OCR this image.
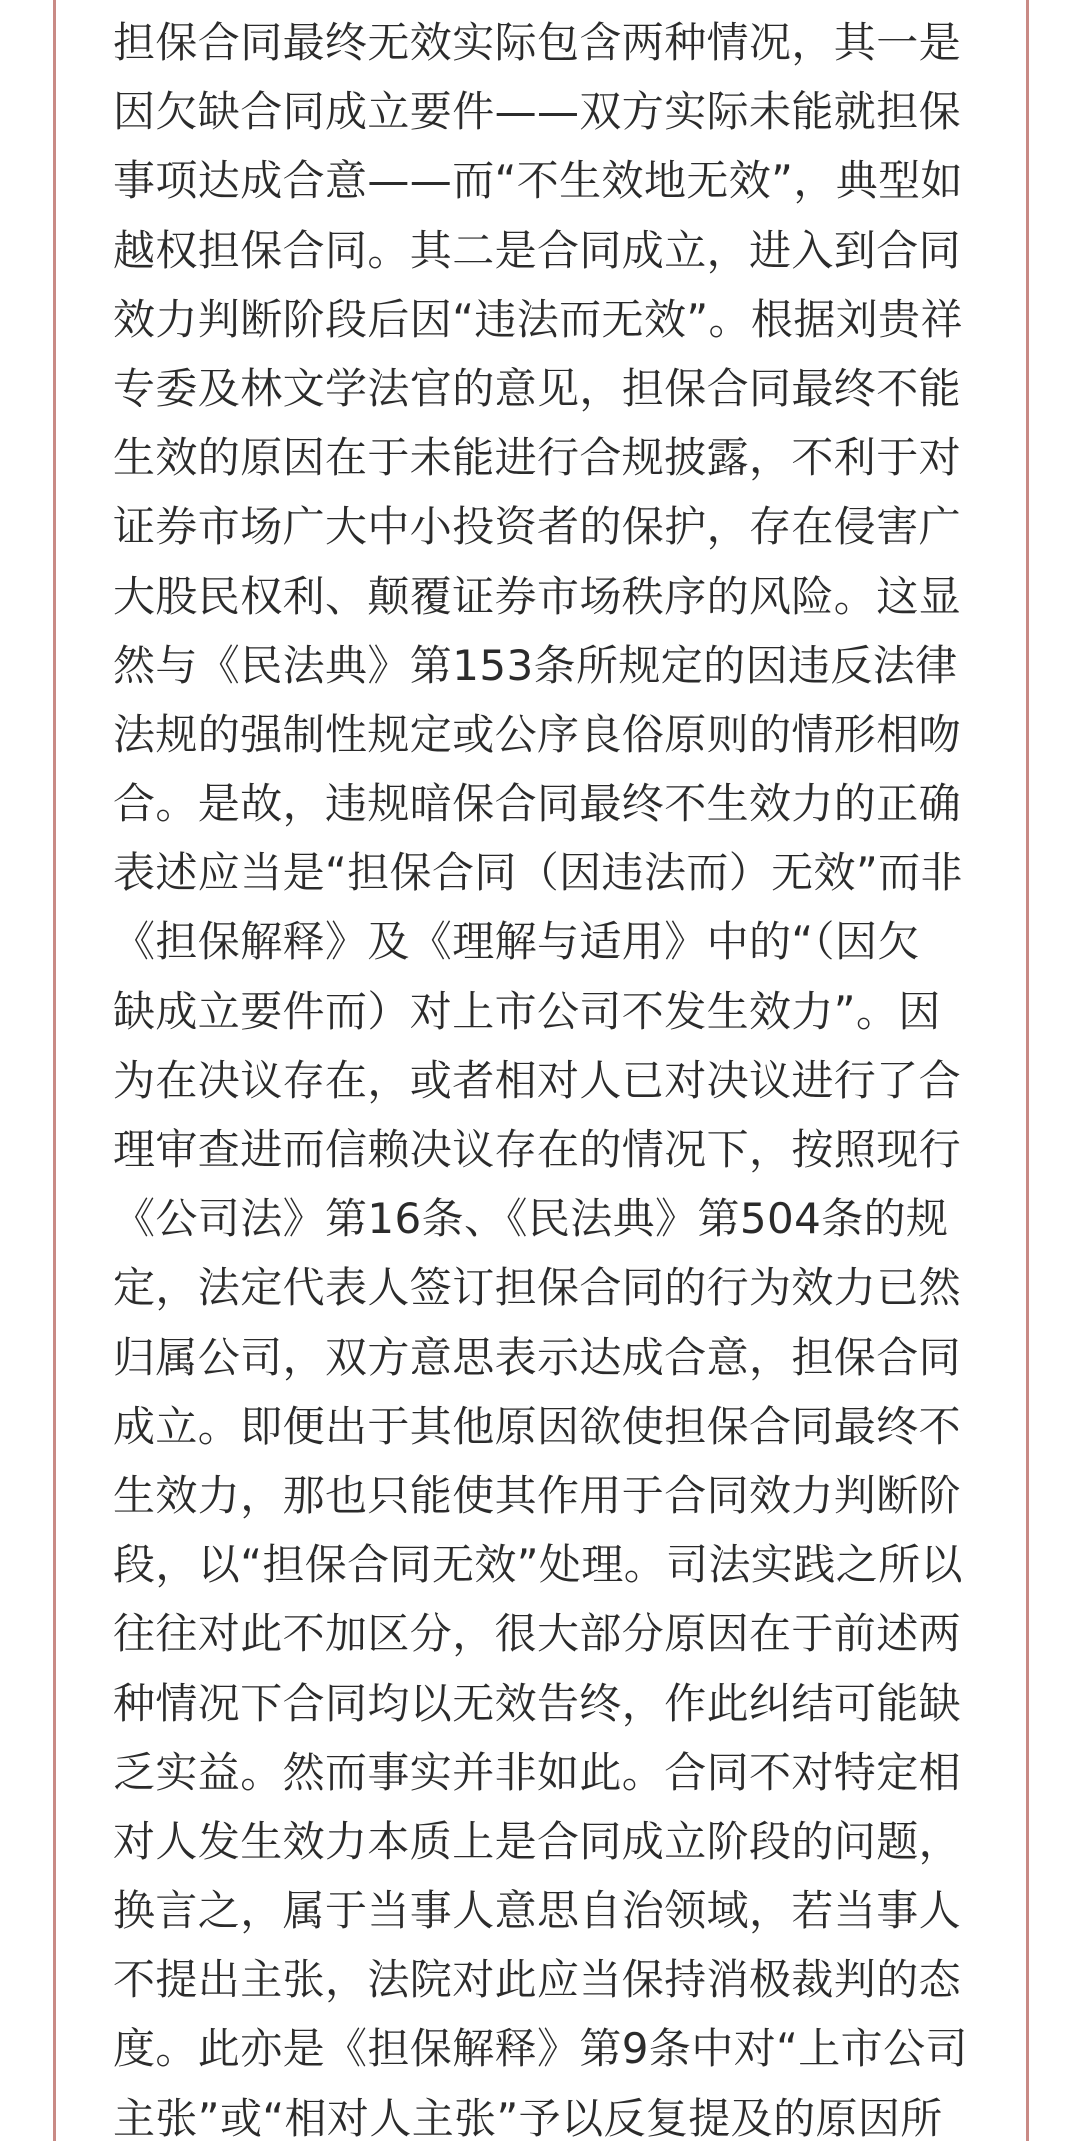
担保合同最终无效实际包含两种情况，其一是
因欠缺合同成立要件——双方实际未能就担保
事项达成合意——而“不生效地无效”，典型如
越权担保合同。其二是合同成立，进入到合同
效力判断阶段后因“违法而无效”。根据刘贵祥
专委及林文学法官的意见，担保合同最终不能
生效的原因在于未能进行合规披露，不利于对
证券市场广大中小投资者的保护，存在侵害广
大股民权利、颠覆证券市场秩序的风险。这显
然与《民法典》第153条所规定的因违反法律
法规的强制性规定或公序良俗原则的情形相吻
合。是故，违规暗保合同最终不生效力的正确
表述应当是“担保合同（因违法而）无效”而非
《担保解释》及《理解与适用》中的“（因欠
缺成立要件而）对上市公司不发生效力”。因
为在决议存在，或者相对人已对决议进行了合
理审查进而信赖决议存在的情况下，按照现行
《公司法》第16条、《民法典》第504条的规
定，法定代表人签订担保合同的行为效力已然
归属公司，双方意思表示达成合意，担保合同
成立。即便出于其他原因欲使担保合同最终不
生效力，那也只能使其作用于合同效力判断阶
段，以“担保合同无效”处理。司法实践之所以
往往对此不加区分，很大部分原因在于前述两
种情况下合同均以无效告终，作此纠结可能缺
乏实益。然而事实并非如此。合同不对特定相
对人发生效力本质上是合同成立阶段的问题，
换言之，属于当事人意思自治领域，若当事人
不提出主张，法院对此应当保持消极裁判的态
度。此亦是《担保解释》第9条中对“上市公司
主张”或“相对人主张”予以反复提及的原因所
